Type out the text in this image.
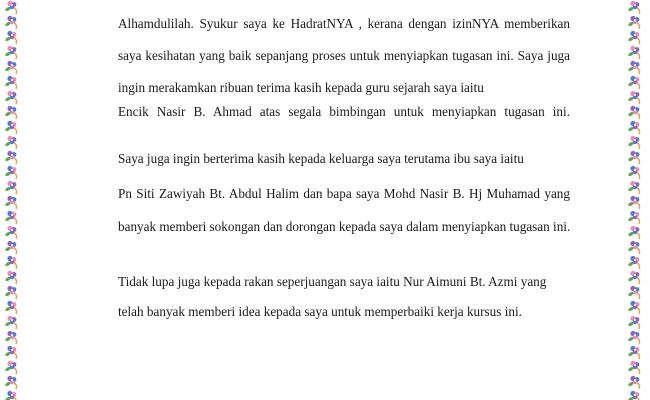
Alhamdulilah. Syukur saya ke HadratNYA , kerana dengan izinNYA memberikan
saya kesihatan yang baik sepanjang proses untuk menyiapkan tugasan ini. Saya juga
ingin merakamkan ribuan terima kasih kepada guru sejarah saya iaitu
Encik Nasir B. Ahmad atas segala bimbingan untuk menyiapkan tugasan ini.
Saya juga ingin berterima kasih kepada keluarga saya terutama ibu saya iaitu
Pn Siti Zawiyah Bt. Abdul Halim dan bapa saya Mohd Nasir B. Hj Muhamad yang
banyak memberi sokongan dan dorongan kepada saya dalam menyiapkan tugasan ini.
Tidak lupa juga kepada rakan seperjuangan saya iaitu Nur Aimuni Bt. Azmi yang
telah banyak memberi idea kepada saya untuk memperbaiki kerja kursus ini.
